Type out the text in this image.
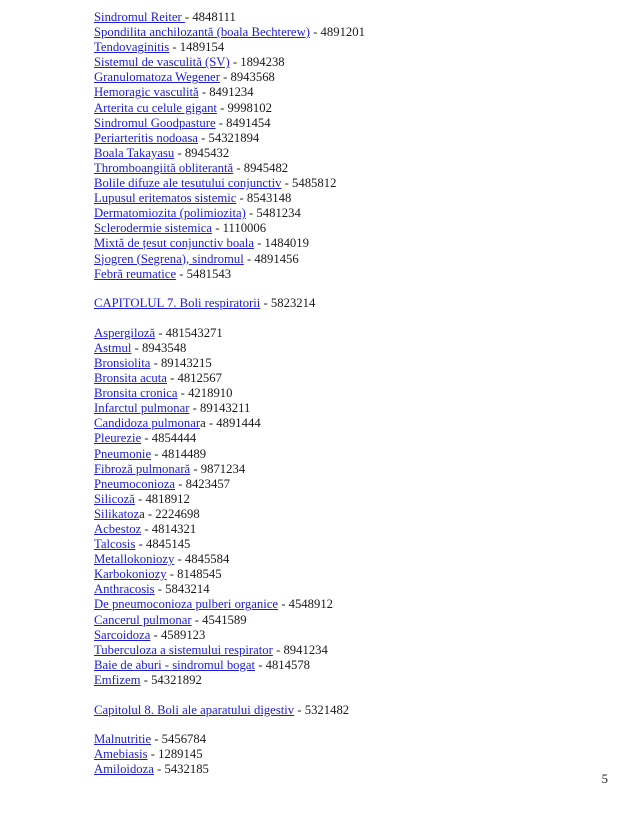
Sindromul Reiter - 4848111
Spondilita anchilozantă (boala Bechterew) - 4891201
Tendovaginitis - 1489154
Sistemul de vasculită (SV) - 1894238
Granulomatoza Wegener - 8943568
Hemoragic vasculită - 8491234
Arterita cu celule gigant - 9998102
Sindromul Goodpasture - 8491454
Periarteritis nodoasa - 54321894
Boala Takayasu - 8945432
Thromboangiită obliterantă - 8945482
Bolile difuze ale tesutului conjunctiv - 5485812
Lupusul eritematos sistemic - 8543148
Dermatomiozita (polimiozita) - 5481234
Sclerodermie sistemica - 1110006
Mixtă de țesut conjunctiv boala - 1484019
Sjogren (Segrena), sindromul - 4891456
Febră reumatice - 5481543
CAPITOLUL 7. Boli respiratorii - 5823214
Aspergiloză - 481543271
Astmul - 8943548
Bronsiolita - 89143215
Bronsita acuta - 4812567
Bronsita cronica - 4218910
Infarctul pulmonar - 89143211
Candidoza pulmonara - 4891444
Pleurezie - 4854444
Pneumonie - 4814489
Fibroză pulmonară - 9871234
Pneumoconioza - 8423457
Silicoză - 4818912
Silikatoza - 2224698
Acbestoz - 4814321
Talcosis - 4845145
Metallokoniozy - 4845584
Karbokoniozy - 8148545
Anthracosis - 5843214
De pneumoconioza pulberi organice - 4548912
Cancerul pulmonar - 4541589
Sarcoidoza - 4589123
Tuberculoza a sistemului respirator - 8941234
Baie de aburi - sindromul bogat - 4814578
Emfizem - 54321892
Capitolul 8. Boli ale aparatului digestiv - 5321482
Malnutritie - 5456784
Amebiasis - 1289145
Amiloidoza - 5432185
5
